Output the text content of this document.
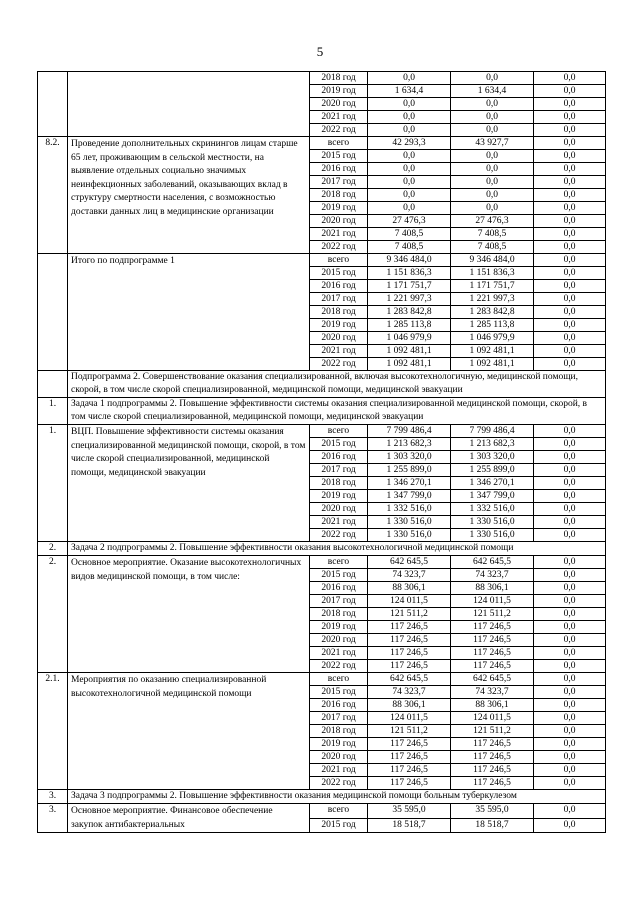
5
		2018 год	0,0	0,0	0,0
		2019 год	1 634,4	1 634,4	0,0
		2020 год	0,0	0,0	0,0
		2021 год	0,0	0,0	0,0
		2022 год	0,0	0,0	0,0
8.2.	Проведение дополнительных скринингов лицам старше 65 лет, проживающим в сельской местности, на выявление отдельных социально значимых неинфекционных заболеваний, оказывающих вклад в структуру смертности населения, с возможностью доставки данных лиц в медицинские организации	всего	42 293,3	43 927,7	0,0
		2015 год	0,0	0,0	0,0
		2016 год	0,0	0,0	0,0
		2017 год	0,0	0,0	0,0
		2018 год	0,0	0,0	0,0
		2019 год	0,0	0,0	0,0
		2020 год	27 476,3	27 476,3	0,0
		2021 год	7 408,5	7 408,5	0,0
		2022 год	7 408,5	7 408,5	0,0
	Итого по подпрограмме 1	всего	9 346 484,0	9 346 484,0	0,0
		2015 год	1 151 836,3	1 151 836,3	0,0
		2016 год	1 171 751,7	1 171 751,7	0,0
		2017 год	1 221 997,3	1 221 997,3	0,0
		2018 год	1 283 842,8	1 283 842,8	0,0
		2019 год	1 285 113,8	1 285 113,8	0,0
		2020 год	1 046 979,9	1 046 979,9	0,0
		2021 год	1 092 481,1	1 092 481,1	0,0
		2022 год	1 092 481,1	1 092 481,1	0,0
	Подпрограмма 2. Совершенствование оказания специализированной, включая высокотехнологичную, медицинской помощи, скорой, в том числе скорой специализированной, медицинской помощи, медицинской эвакуации				
1.	Задача 1 подпрограммы 2. Повышение эффективности системы оказания специализированной медицинской помощи, скорой, в том числе скорой специализированной, медицинской помощи, медицинской эвакуации				
1.	ВЦП. Повышение эффективности системы оказания специализированной медицинской помощи, скорой, в том числе скорой специализированной, медицинской помощи, медицинской эвакуации	всего	7 799 486,4	7 799 486,4	0,0
		2015 год	1 213 682,3	1 213 682,3	0,0
		2016 год	1 303 320,0	1 303 320,0	0,0
		2017 год	1 255 899,0	1 255 899,0	0,0
		2018 год	1 346 270,1	1 346 270,1	0,0
		2019 год	1 347 799,0	1 347 799,0	0,0
		2020 год	1 332 516,0	1 332 516,0	0,0
		2021 год	1 330 516,0	1 330 516,0	0,0
		2022 год	1 330 516,0	1 330 516,0	0,0
2.	Задача 2 подпрограммы 2. Повышение эффективности оказания высокотехнологичной медицинской помощи				
2.	Основное мероприятие. Оказание высокотехнологичных видов медицинской помощи, в том числе:	всего	642 645,5	642 645,5	0,0
		2015 год	74 323,7	74 323,7	0,0
		2016 год	88 306,1	88 306,1	0,0
		2017 год	124 011,5	124 011,5	0,0
		2018 год	121 511,2	121 511,2	0,0
		2019 год	117 246,5	117 246,5	0,0
		2020 год	117 246,5	117 246,5	0,0
		2021 год	117 246,5	117 246,5	0,0
		2022 год	117 246,5	117 246,5	0,0
2.1.	Мероприятия по оказанию специализированной высокотехнологичной медицинской помощи	всего	642 645,5	642 645,5	0,0
		2015 год	74 323,7	74 323,7	0,0
		2016 год	88 306,1	88 306,1	0,0
		2017 год	124 011,5	124 011,5	0,0
		2018 год	121 511,2	121 511,2	0,0
		2019 год	117 246,5	117 246,5	0,0
		2020 год	117 246,5	117 246,5	0,0
		2021 год	117 246,5	117 246,5	0,0
		2022 год	117 246,5	117 246,5	0,0
3.	Задача 3 подпрограммы 2. Повышение эффективности оказания медицинской помощи больным туберкулезом				
3.	Основное мероприятие. Финансовое обеспечение закупок антибактериальных	всего	35 595,0	35 595,0	0,0
		2015 год	18 518,7	18 518,7	0,0
